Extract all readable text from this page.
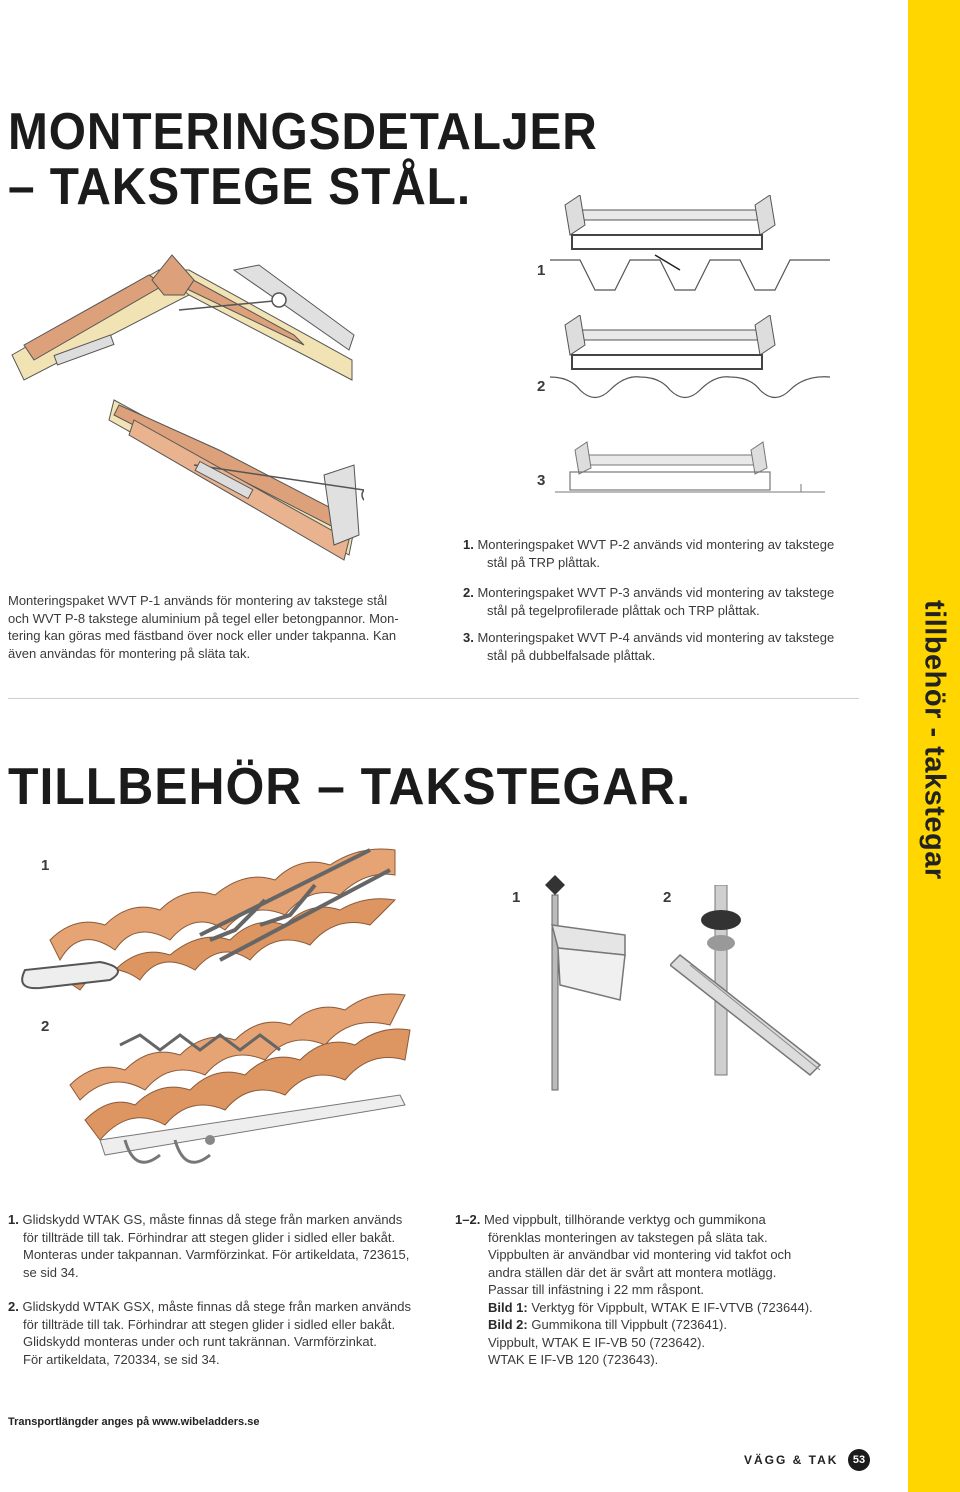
tillbehör - takstegar
MONTERINGSDETALJER
– TAKSTEGE STÅL.
Monteringspaket WVT P-1 används för montering av takstege stål
och WVT P-8 takstege aluminium på tegel eller betongpannor. Mon-
tering kan göras med fästband över nock eller under takpanna. Kan
även användas för montering på släta tak.
1
2
3
1. Monteringspaket WVT P-2 används vid montering av takstege
stål på TRP plåttak.
2. Monteringspaket WVT P-3 används vid montering av takstege
stål på tegelprofilerade plåttak och TRP plåttak.
3. Monteringspaket WVT P-4 används vid montering av takstege
stål på dubbelfalsade plåttak.
TILLBEHÖR – TAKSTEGAR.
1
2
1	2
1. Glidskydd WTAK GS, måste finnas då stege från marken används
för tillträde till tak. Förhindrar att stegen glider i sidled eller bakåt.
Monteras under takpannan. Varmförzinkat. För artikeldata, 723615,
se sid 34.
2. Glidskydd WTAK GSX, måste finnas då stege från marken används
för tillträde till tak. Förhindrar att stegen glider i sidled eller bakåt.
Glidskydd monteras under och runt takrännan. Varmförzinkat.
För artikeldata, 720334, se sid 34.
1–2. Med vippbult, tillhörande verktyg och gummikona
förenklas monteringen av takstegen på släta tak.
Vippbulten är användbar vid montering vid takfot och
andra ställen där det är svårt att montera motlägg.
Passar till infästning i 22 mm råspont.
Bild 1: Verktyg för Vippbult, WTAK E IF-VTVB (723644).
Bild 2: Gummikona till Vippbult (723641).
Vippbult, WTAK E IF-VB 50 (723642).
WTAK E IF-VB 120 (723643).
Transportlängder anges på www.wibeladders.se
VÄGG & TAK	53
